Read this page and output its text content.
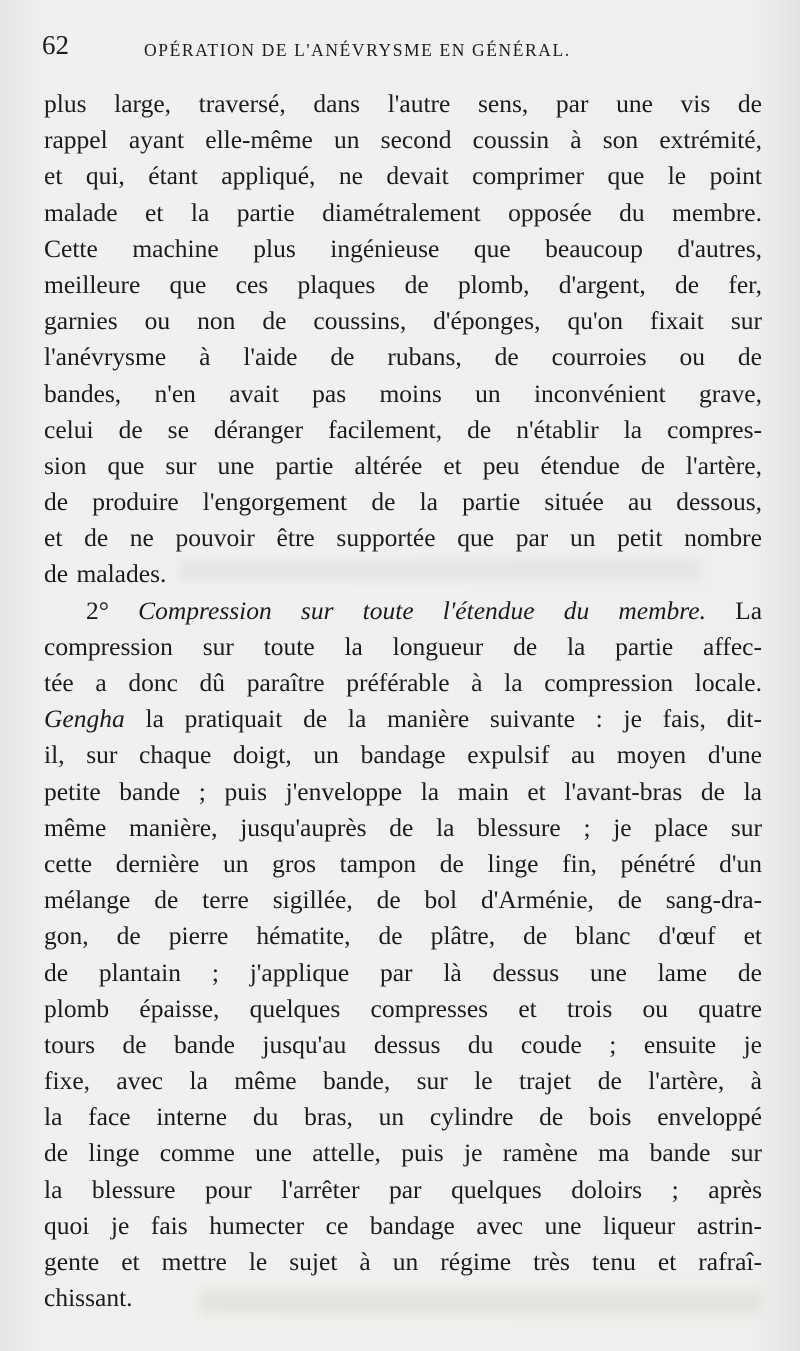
62	OPÉRATION DE L'ANÉVRYSME EN GÉNÉRAL.
plus large, traversé, dans l'autre sens, par une vis de
rappel ayant elle-même un second coussin à son extrémité,
et qui, étant appliqué, ne devait comprimer que le point
malade et la partie diamétralement opposée du membre.
Cette machine plus ingénieuse que beaucoup d'autres,
meilleure que ces plaques de plomb, d'argent, de fer,
garnies ou non de coussins, d'éponges, qu'on fixait sur
l'anévrysme à l'aide de rubans, de courroies ou de
bandes, n'en avait pas moins un inconvénient grave,
celui de se déranger facilement, de n'établir la compres-
sion que sur une partie altérée et peu étendue de l'artère,
de produire l'engorgement de la partie située au dessous,
et de ne pouvoir être supportée que par un petit nombre
de malades.
2° Compression sur toute l'étendue du membre. La
compression sur toute la longueur de la partie affec-
tée a donc dû paraître préférable à la compression locale.
Gengha la pratiquait de la manière suivante : je fais, dit-
il, sur chaque doigt, un bandage expulsif au moyen d'une
petite bande ; puis j'enveloppe la main et l'avant-bras de la
même manière, jusqu'auprès de la blessure ; je place sur
cette dernière un gros tampon de linge fin, pénétré d'un
mélange de terre sigillée, de bol d'Arménie, de sang-dra-
gon, de pierre hématite, de plâtre, de blanc d'œuf et
de plantain ; j'applique par là dessus une lame de
plomb épaisse, quelques compresses et trois ou quatre
tours de bande jusqu'au dessus du coude ; ensuite je
fixe, avec la même bande, sur le trajet de l'artère, à
la face interne du bras, un cylindre de bois enveloppé
de linge comme une attelle, puis je ramène ma bande sur
la blessure pour l'arrêter par quelques doloirs ; après
quoi je fais humecter ce bandage avec une liqueur astrin-
gente et mettre le sujet à un régime très tenu et rafraî-
chissant.
